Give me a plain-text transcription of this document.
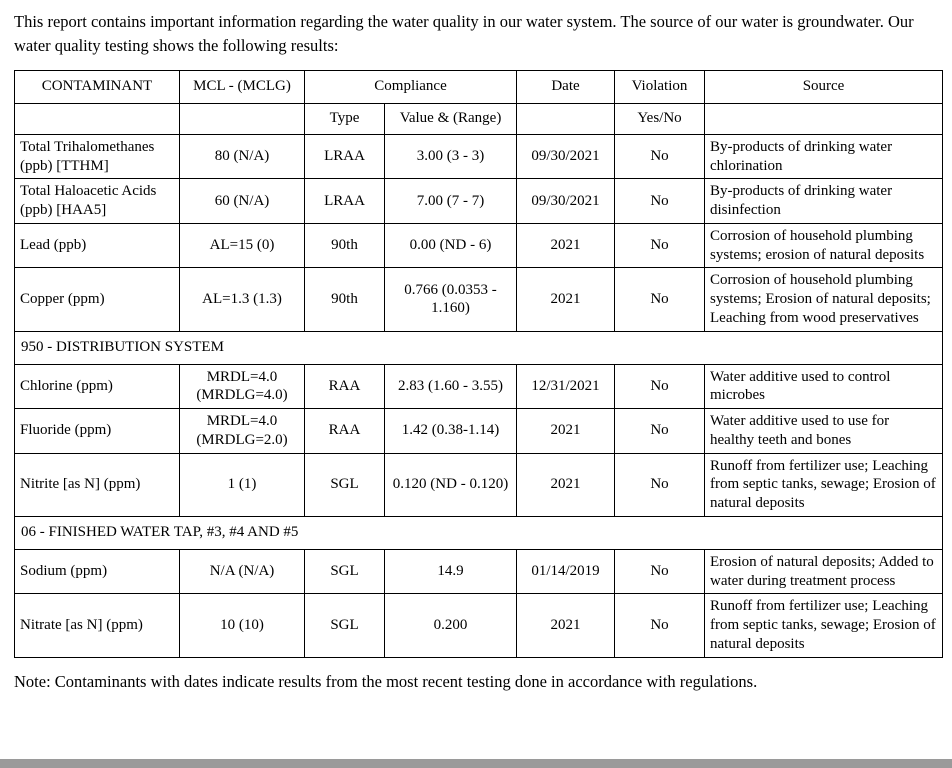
This report contains important information regarding the water quality in our water system. The source of our water is groundwater. Our water quality testing shows the following results:

CONTAMINANT	MCL - (MCLG)	Compliance		Date	Violation	Source
		Type	Value & (Range)		Yes/No	
Total Trihalomethanes (ppb) [TTHM]	80 (N/A)	LRAA	3.00 (3 - 3)	09/30/2021	No	By-products of drinking water chlorination
Total Haloacetic Acids (ppb) [HAA5]	60 (N/A)	LRAA	7.00 (7 - 7)	09/30/2021	No	By-products of drinking water disinfection
Lead (ppb)	AL=15 (0)	90th	0.00 (ND - 6)	2021	No	Corrosion of household plumbing systems; erosion of natural deposits
Copper (ppm)	AL=1.3 (1.3)	90th	0.766 (0.0353 - 1.160)	2021	No	Corrosion of household plumbing systems; Erosion of natural deposits; Leaching from wood preservatives
950 - DISTRIBUTION SYSTEM						
Chlorine (ppm)	MRDL=4.0 (MRDLG=4.0)	RAA	2.83 (1.60 - 3.55)	12/31/2021	No	Water additive used to control microbes
Fluoride (ppm)	MRDL=4.0 (MRDLG=2.0)	RAA	1.42 (0.38-1.14)	2021	No	Water additive used to use for healthy teeth and bones
Nitrite [as N] (ppm)	1 (1)	SGL	0.120 (ND - 0.120)	2021	No	Runoff from fertilizer use; Leaching from septic tanks, sewage; Erosion of natural deposits
06 - FINISHED WATER TAP, #3, #4 AND #5						
Sodium (ppm)	N/A (N/A)	SGL	14.9	01/14/2019	No	Erosion of natural deposits; Added to water during treatment process
Nitrate [as N] (ppm)	10 (10)	SGL	0.200	2021	No	Runoff from fertilizer use; Leaching from septic tanks, sewage; Erosion of natural deposits

Note: Contaminants with dates indicate results from the most recent testing done in accordance with regulations.
